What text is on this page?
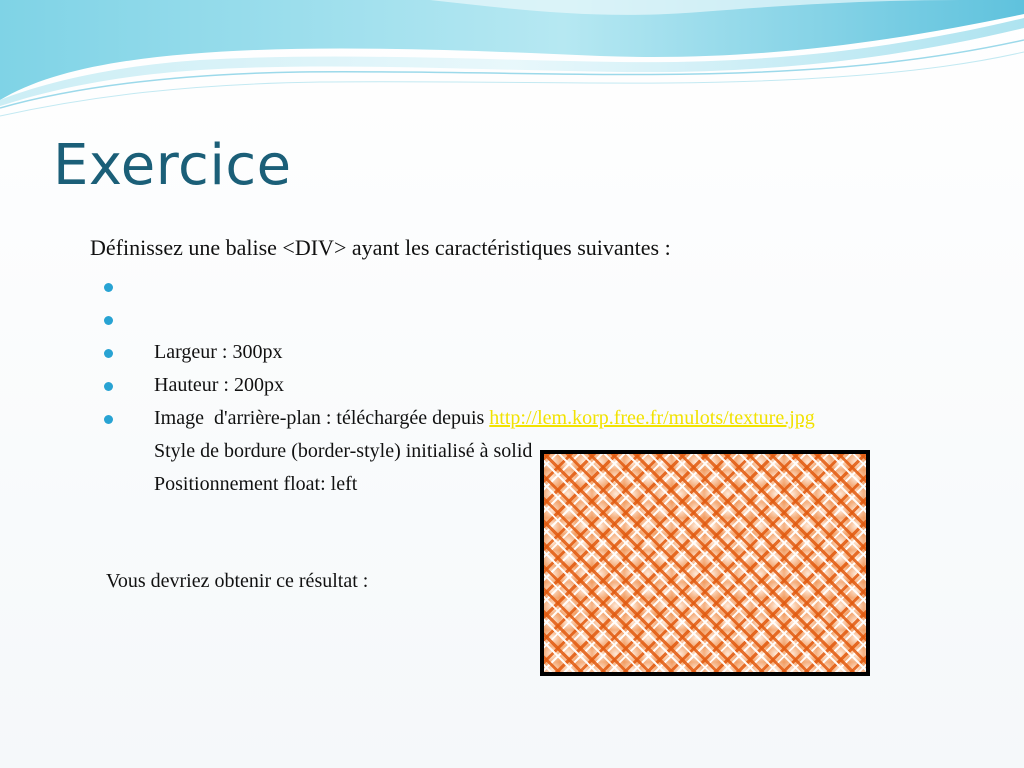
Exercice

Définissez une balise <DIV> ayant les caractéristiques suivantes :

Largeur : 300px

Hauteur : 200px

Image  d'arrière-plan : téléchargée depuis http://lem.korp.free.fr/mulots/texture.jpg

Style de bordure (border-style) initialisé à solid

Positionnement float: left

Vous devriez obtenir ce résultat :
